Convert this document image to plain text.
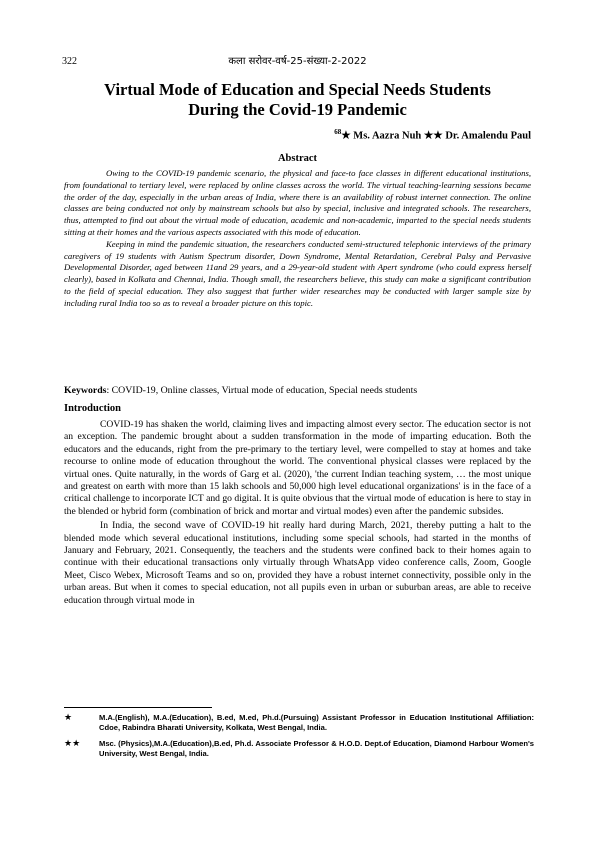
322	कला सरोवर-वर्ष-25-संख्या-2-2022
Virtual Mode of Education and Special Needs Students
During the Covid-19 Pandemic
$^{68}$★ Ms. Aazra Nuh ★★ Dr. Amalendu Paul
Abstract

Owing to the COVID-19 pandemic scenario, the physical and face-to face classes in different educational institutions, from foundational to tertiary level, were replaced by online classes across the world. The virtual teaching-learning sessions became the order of the day, especially in the urban areas of India, where there is an availability of robust internet connection. The online classes are being conducted not only by mainstream schools but also by special, inclusive and integrated schools. The researchers, thus, attempted to find out about the virtual mode of education, academic and non-academic, imparted to the special needs students sitting at their homes and the various aspects associated with this mode of education.

Keeping in mind the pandemic situation, the researchers conducted semi-structured telephonic interviews of the primary caregivers of 19 students with Autism Spectrum disorder, Down Syndrome, Mental Retardation, Cerebral Palsy and Pervasive Developmental Disorder, aged between 11and 29 years, and a 29-year-old student with Apert syndrome (who could express herself clearly), based in Kolkata and Chennai, India. Though small, the researchers believe, this study can make a significant contribution to the field of special education. They also suggest that further wider researches may be conducted with larger sample size by including rural India too so as to reveal a broader picture on this topic.

Keywords: COVID-19, Online classes, Virtual mode of education, Special needs students
Introduction

COVID-19 has shaken the world, claiming lives and impacting almost every sector. The education sector is not an exception. The pandemic brought about a sudden transformation in the mode of imparting education. Both the educators and the educands, right from the pre-primary to the tertiary level, were compelled to stay at homes and take recourse to online mode of education throughout the world. The conventional physical classes were replaced by the virtual ones. Quite naturally, in the words of Garg et al. (2020), 'the current Indian teaching system, … the most unique and greatest on earth with more than 15 lakh schools and 50,000 high level educational organizations' is in the face of a critical challenge to incorporate ICT and go digital. It is quite obvious that the virtual mode of education is here to stay in the blended or hybrid form (combination of brick and mortar and virtual modes) even after the pandemic subsides.

In India, the second wave of COVID-19 hit really hard during March, 2021, thereby putting a halt to the blended mode which several educational institutions, including some special schools, had started in the months of January and February, 2021. Consequently, the teachers and the students were confined back to their homes again to continue with their educational transactions only virtually through WhatsApp video conference calls, Zoom, Google Meet, Cisco Webex, Microsoft Teams and so on, provided they have a robust internet connectivity, possible only in the urban areas. But when it comes to special education, not all pupils even in urban or suburban areas, are able to receive education through virtual mode in

★	M.A.(English), M.A.(Education), B.ed, M.ed, Ph.d.(Pursuing) Assistant Professor in Education Institutional Affiliation: Cdoe, Rabindra Bharati University, Kolkata, West Bengal, India.
★★ Msc. (Physics),M.A.(Education),B.ed, Ph.d. Associate Professor & H.O.D. Dept.of Education, Diamond Harbour Women's University, West Bengal, India.
